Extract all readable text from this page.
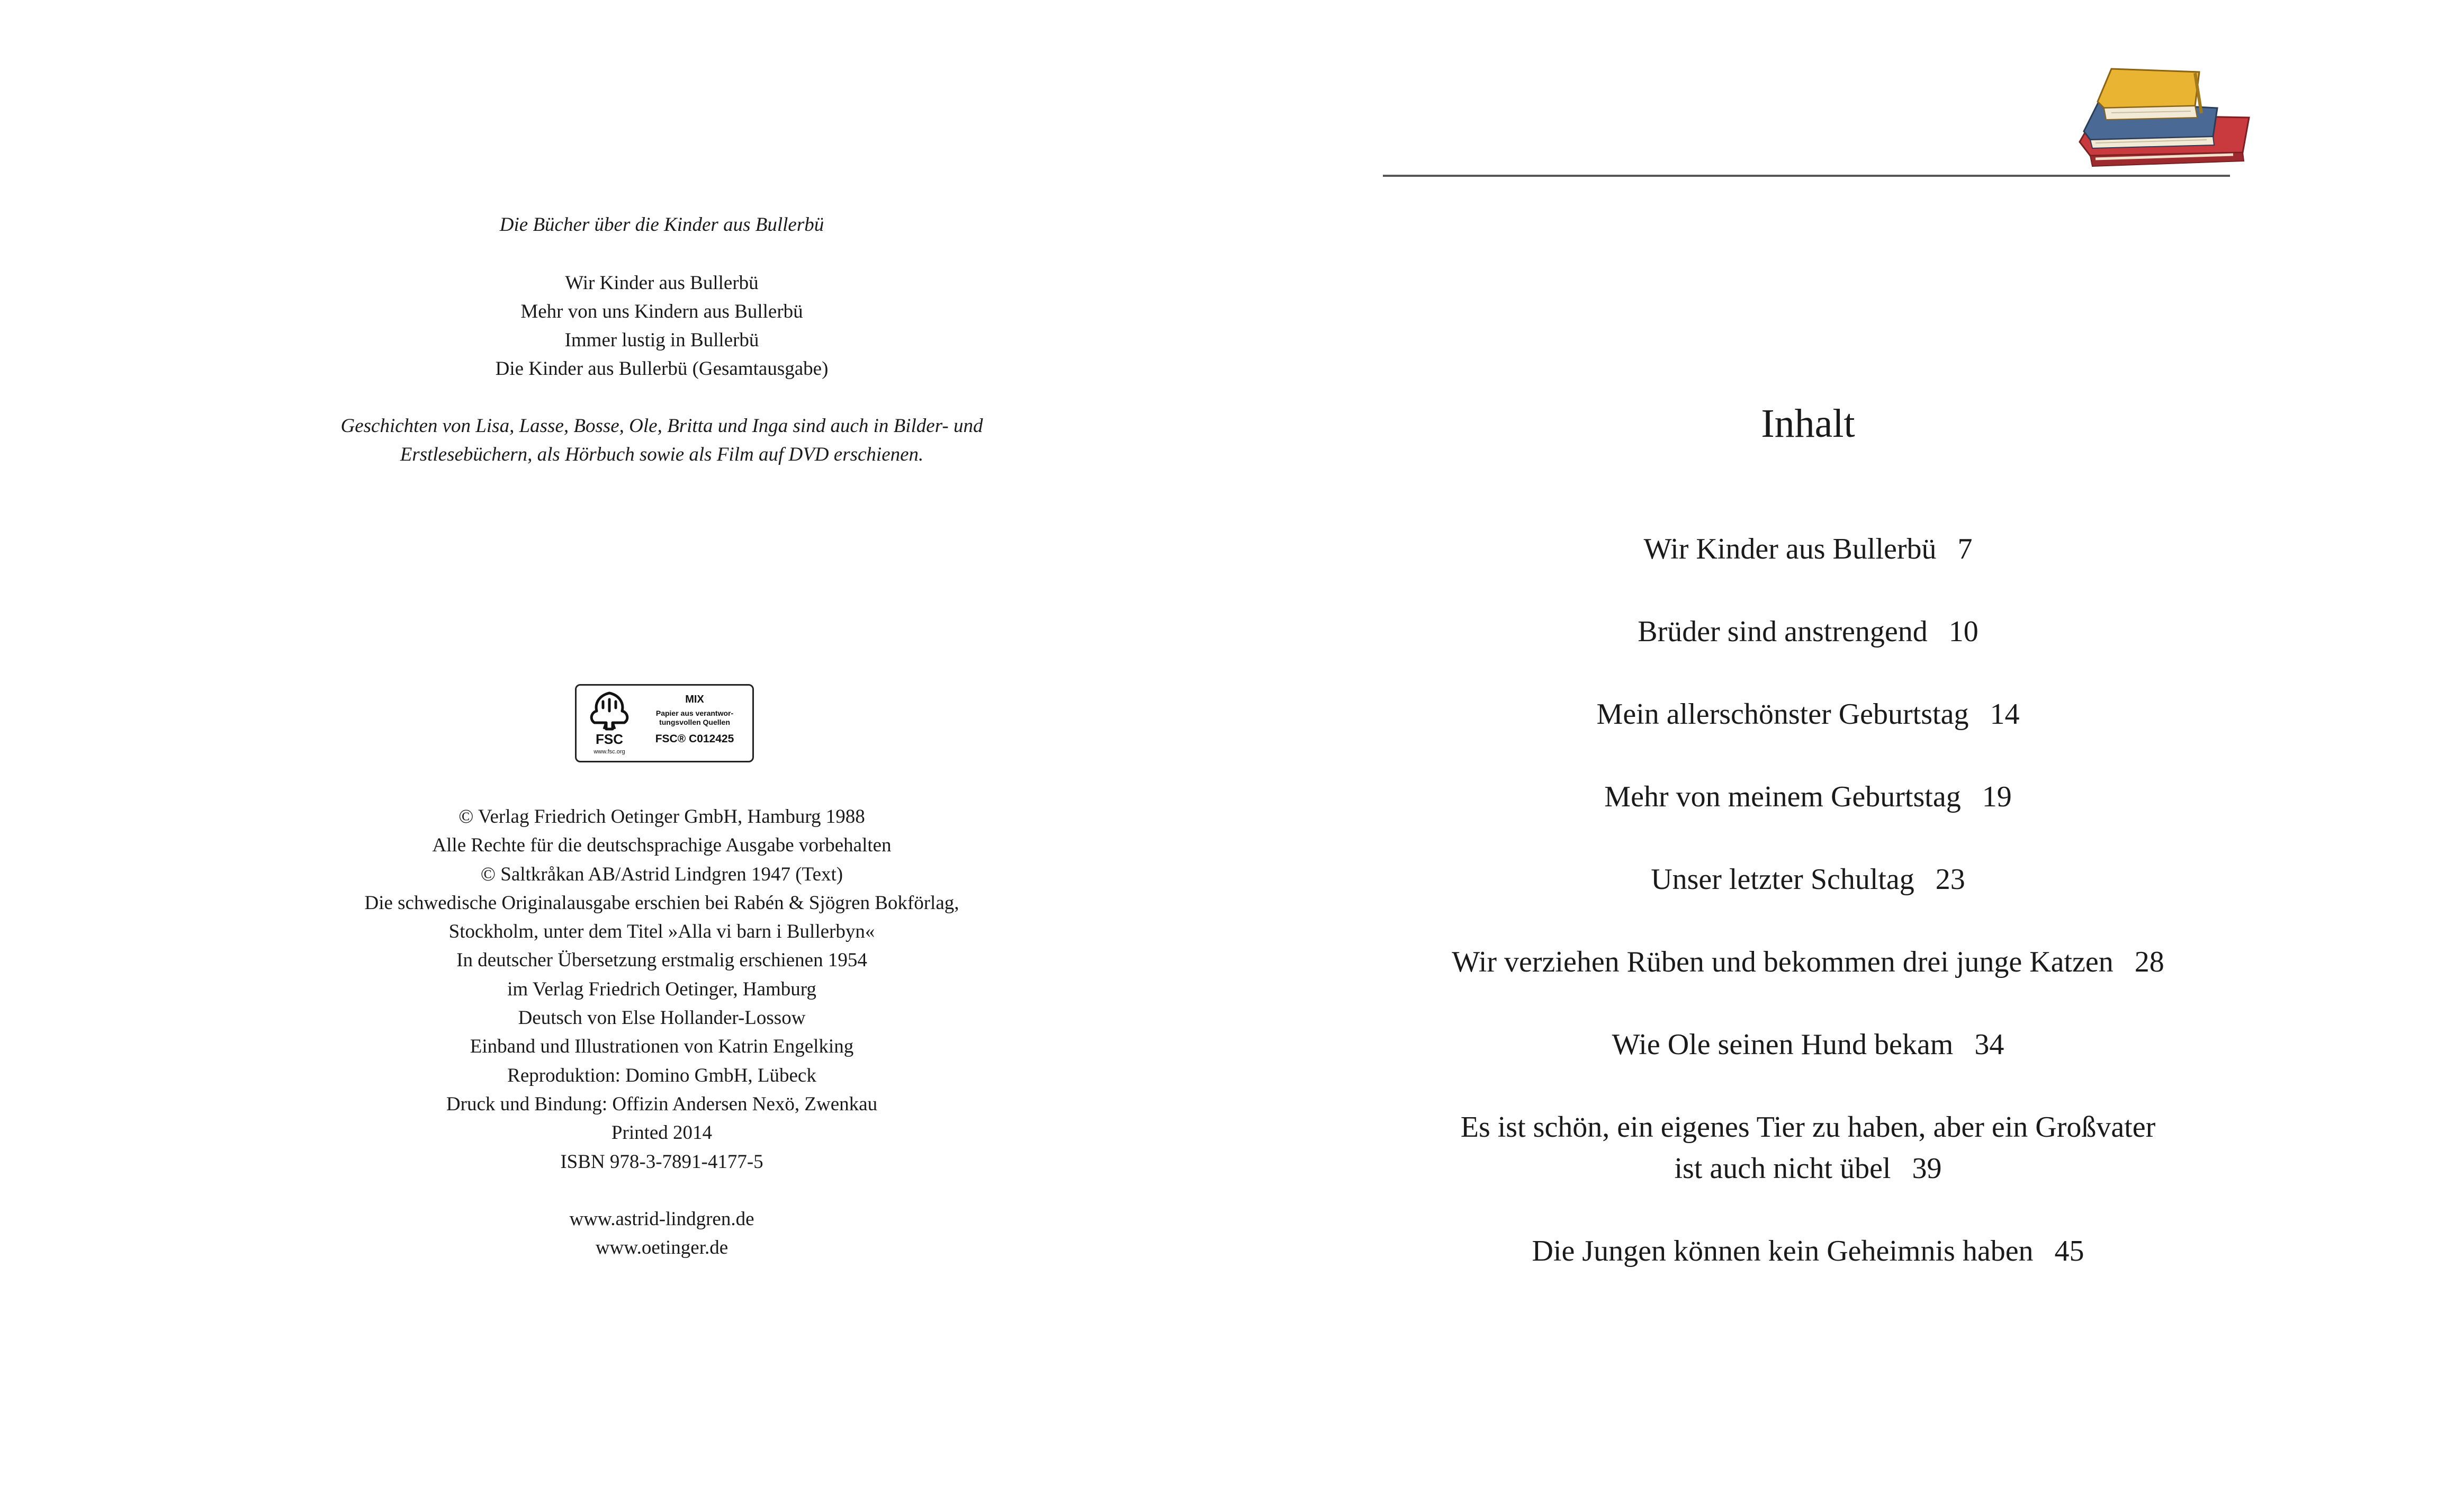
Die Bücher über die Kinder aus Bullerbü

Wir Kinder aus Bullerbü
Mehr von uns Kindern aus Bullerbü
Immer lustig in Bullerbü
Die Kinder aus Bullerbü (Gesamtausgabe)

Geschichten von Lisa, Lasse, Bosse, Ole, Britta und Inga sind auch in Bilder- und
Erstlesebüchern, als Hörbuch sowie als Film auf DVD erschienen.

FSC
www.fsc.org
MIX
Papier aus verantwor-
tungsvollen Quellen
FSC® C012425

© Verlag Friedrich Oetinger GmbH, Hamburg 1988

Alle Rechte für die deutschsprachige Ausgabe vorbehalten

© Saltkråkan AB/Astrid Lindgren 1947 (Text)

Die schwedische Originalausgabe erschien bei Rabén & Sjögren Bokförlag,

Stockholm, unter dem Titel »Alla vi barn i Bullerbyn«

In deutscher Übersetzung erstmalig erschienen 1954

im Verlag Friedrich Oetinger, Hamburg

Deutsch von Else Hollander-Lossow

Einband und Illustrationen von Katrin Engelking

Reproduktion: Domino GmbH, Lübeck

Druck und Bindung: Offizin Andersen Nexö, Zwenkau

Printed 2014

ISBN 978-3-7891-4177-5

www.astrid-lindgren.de

www.oetinger.de

Inhalt
Wir Kinder aus Bullerbü 7
Brüder sind anstrengend 10
Mein allerschönster Geburtstag 14
Mehr von meinem Geburtstag 19
Unser letzter Schultag 23
Wir verziehen Rüben und bekommen drei junge Katzen 28
Wie Ole seinen Hund bekam 34
Es ist schön, ein eigenes Tier zu haben, aber ein Großvater
ist auch nicht übel 39
Die Jungen können kein Geheimnis haben 45
